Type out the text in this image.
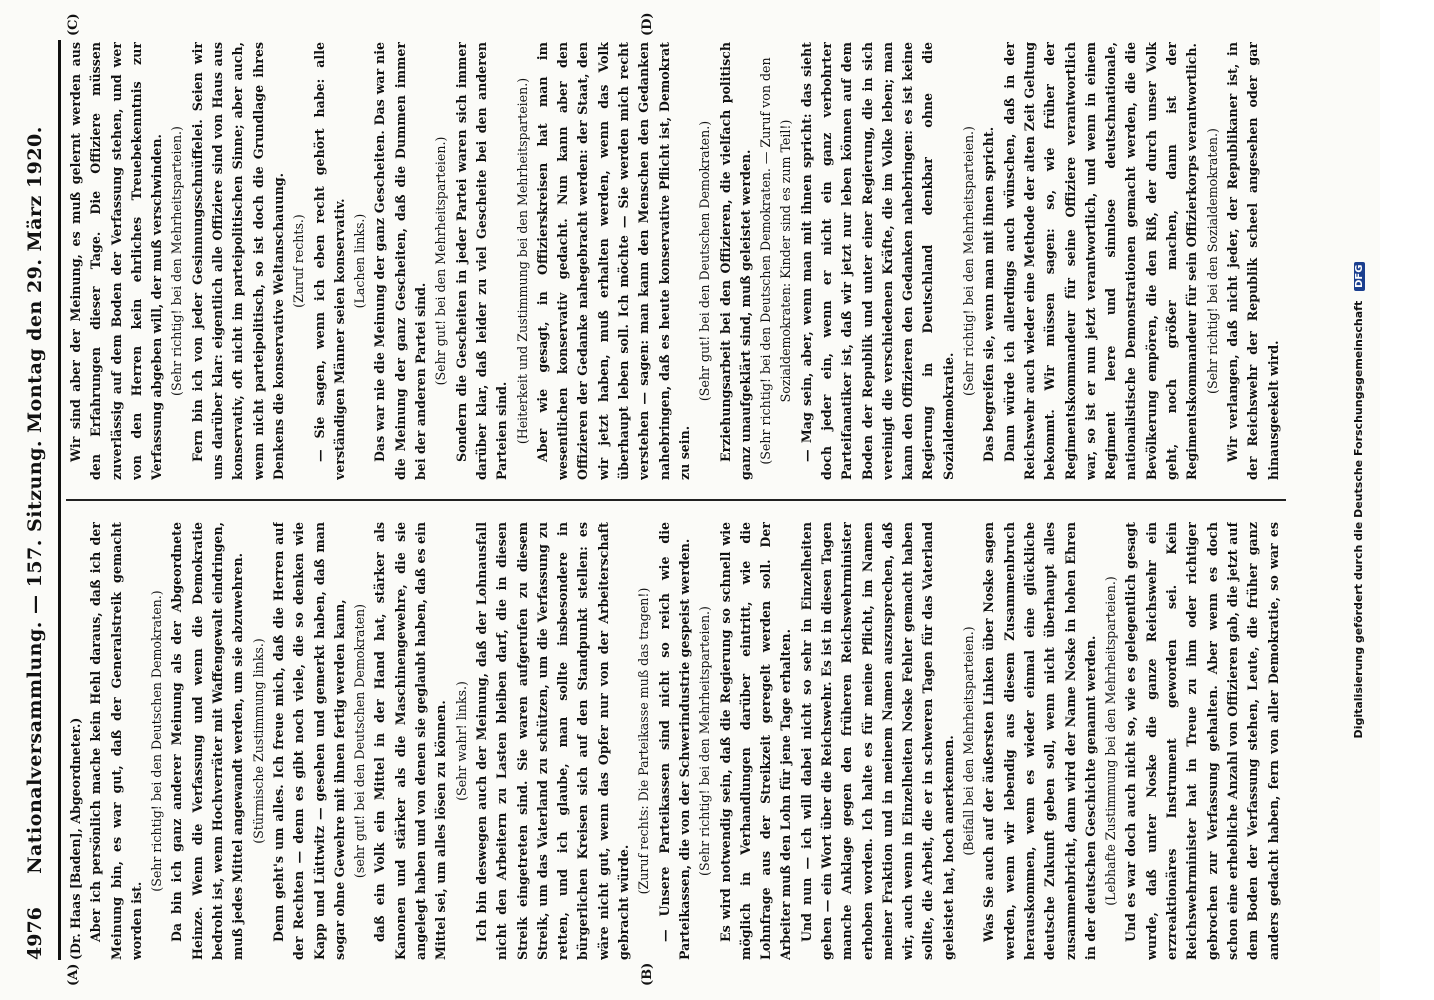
4976
Nationalversammlung. — 157. Sitzung. Montag den 29. März 1920.
(A)	(B)
(C)	(D)

(Dr. Haas [Baden], Abgeordneter.) Aber ich persönlich mache kein Hehl daraus, daß ich der Meinung bin, es war gut, daß der Generalstreik gemacht worden ist.

(Sehr richtig! bei den Deutschen Demokraten.) Da bin ich ganz anderer Meinung als der Abgeordnete Heinze. Wenn die Verfassung und wenn die Demokratie bedroht ist, wenn Hochverräter mit Waffengewalt eindringen, muß jedes Mittel angewandt werden, um sie abzuwehren. (Stürmische Zustimmung links.) Denn geht's um alles. Ich freue mich, daß die Herren auf der Rechten — denn es gibt noch viele, die so denken wie Kapp und Lüttwitz — gesehen und gemerkt haben, daß man sogar ohne Gewehre mit ihnen fertig werden kann, (sehr gut! bei den Deutschen Demokraten) daß ein Volk ein Mittel in der Hand hat, stärker als Kanonen und stärker als die Maschinengewehre, die sie angelegt haben und von denen sie geglaubt haben, daß es ein Mittel sei, um alles lösen zu können. (Sehr wahr! links.) Ich bin deswegen auch der Meinung, daß der Lohnausfall nicht den Arbeitern zu Lasten bleiben darf, die in diesen Streik eingetreten sind. Sie waren aufgerufen zu diesem Streik, um das Vaterland zu schützen, um die Verfassung zu retten, und ich glaube, man sollte insbesondere in bürgerlichen Kreisen sich auf den Standpunkt stellen: es wäre nicht gut, wenn das Opfer nur von der Arbeiterschaft gebracht würde.

(Zuruf rechts: Die Parteikasse muß das tragen!) — Unsere Parteikassen sind nicht so reich wie die Parteikassen, die von der Schwerindustrie gespeist werden. (Sehr richtig! bei den Mehrheitsparteien.) Es wird notwendig sein, daß die Regierung so schnell wie möglich in Verhandlungen darüber eintritt, wie die Lohnfrage aus der Streikzeit geregelt werden soll. Der Arbeiter muß den Lohn für jene Tage erhalten. Und nun — ich will dabei nicht so sehr in Einzelheiten gehen — ein Wort über die Reichswehr. Es ist in diesen Tagen manche Anklage gegen den früheren Reichswehrminister erhoben worden. Ich halte es für meine Pflicht, im Namen meiner Fraktion und in meinem Namen auszusprechen, daß wir, auch wenn in Einzelheiten Noske Fehler gemacht haben sollte, die Arbeit, die er in schweren Tagen für das Vaterland geleistet hat, hoch anerkennen. (Beifall bei den Mehrheitsparteien.) Was Sie auch auf der äußersten Linken über Noske sagen werden, wenn wir lebendig aus diesem Zusammenbruch herauskommen, wenn es wieder einmal eine glückliche deutsche Zukunft geben soll, wenn nicht überhaupt alles zusammenbricht, dann wird der Name Noske in hohen Ehren in der deutschen Geschichte genannt werden. (Lebhafte Zustimmung bei den Mehrheitsparteien.)

Und es war doch auch nicht so, wie es gelegentlich gesagt wurde, daß unter Noske die ganze Reichswehr ein erzreaktionäres Instrument geworden sei. Kein Reichswehrminister hat in Treue zu ihm oder richtiger gebrochen zur Verfassung gehalten. Aber wenn es doch schon eine erhebliche Anzahl von Offizieren gab, die jetzt auf dem Boden der Verfassung stehen, Leute, die früher ganz anders gedacht haben, fern von aller Demokratie, so war es

Wir sind aber der Meinung, es muß gelernt werden aus den Erfahrungen dieser Tage. Die Offiziere müssen zuverlässig auf dem Boden der Verfassung stehen, und wer von den Herren kein ehrliches Treuebekenntnis zur Verfassung abgeben will, der muß verschwinden. (Sehr richtig! bei den Mehrheitsparteien.) Fern bin ich von jeder Gesinnungsschnüffelei. Seien wir uns darüber klar: eigentlich alle Offiziere sind von Haus aus konservativ, oft nicht im parteipolitischen Sinne; aber auch, wenn nicht parteipolitisch, so ist doch die Grundlage ihres Denkens die konservative Weltanschauung. (Zuruf rechts.) — Sie sagen, wenn ich eben recht gehört habe: alle verständigen Männer seien konservativ. (Lachen links.) Das war nie die Meinung der ganz Gescheiten. Das war nie die Meinung der ganz Gescheiten, daß die Dummen immer bei der anderen Partei sind. (Sehr gut! bei den Mehrheitsparteien.) Sondern die Gescheiten in jeder Partei waren sich immer darüber klar, daß leider zu viel Gescheite bei den anderen Parteien sind. (Heiterkeit und Zustimmung bei den Mehrheitsparteien.) Aber wie gesagt, in Offizierskreisen hat man im wesentlichen konservativ gedacht. Nun kann aber den Offizieren der Gedanke nahegebracht werden: der Staat, den wir jetzt haben, muß erhalten werden, wenn das Volk überhaupt leben soll. Ich möchte — Sie werden mich recht verstehen — sagen: man kann den Menschen den Gedanken nahebringen, daß es heute konservative Pflicht ist, Demokrat zu sein.

(Sehr gut! bei den Deutschen Demokraten.) Erziehungsarbeit bei den Offizieren, die vielfach politisch ganz unaufgeklärt sind, muß geleistet werden. (Sehr richtig! bei den Deutschen Demokraten. — Zuruf von den Sozialdemokraten: Kinder sind es zum Teil!) — Mag sein, aber, wenn man mit ihnen spricht: das sieht doch jeder ein, wenn er nicht ein ganz verbohrter Parteifanatiker ist, daß wir jetzt nur leben können auf dem Boden der Republik und unter einer Regierung, die in sich vereinigt die verschiedenen Kräfte, die im Volke leben; man kann den Offizieren den Gedanken nahebringen: es ist keine Regierung in Deutschland denkbar ohne die Sozialdemokratie.

(Sehr richtig! bei den Mehrheitsparteien.) Das begreifen sie, wenn man mit ihnen spricht. Dann würde ich allerdings auch wünschen, daß in der Reichswehr auch wieder eine Methode der alten Zeit Geltung bekommt. Wir müssen sagen: so, wie früher der Regimentskommandeur für seine Offiziere verantwortlich war, so ist er nun jetzt verantwortlich, und wenn in einem Regiment leere und sinnlose deutschnationale, nationalistische Demonstrationen gemacht werden, die die Bevölkerung empören, die den Riß, der durch unser Volk geht, noch größer machen, dann ist der Regimentskommandeur für sein Offizierkorps verantwortlich. (Sehr richtig! bei den Sozialdemokraten.) Wir verlangen, daß nicht jeder, der Republikaner ist, in der Reichswehr der Republik scheel angesehen oder gar hinausgeekelt wird.	Digitalisierung gefördert durch die Deutsche Forschungsgemeinschaft DFG
